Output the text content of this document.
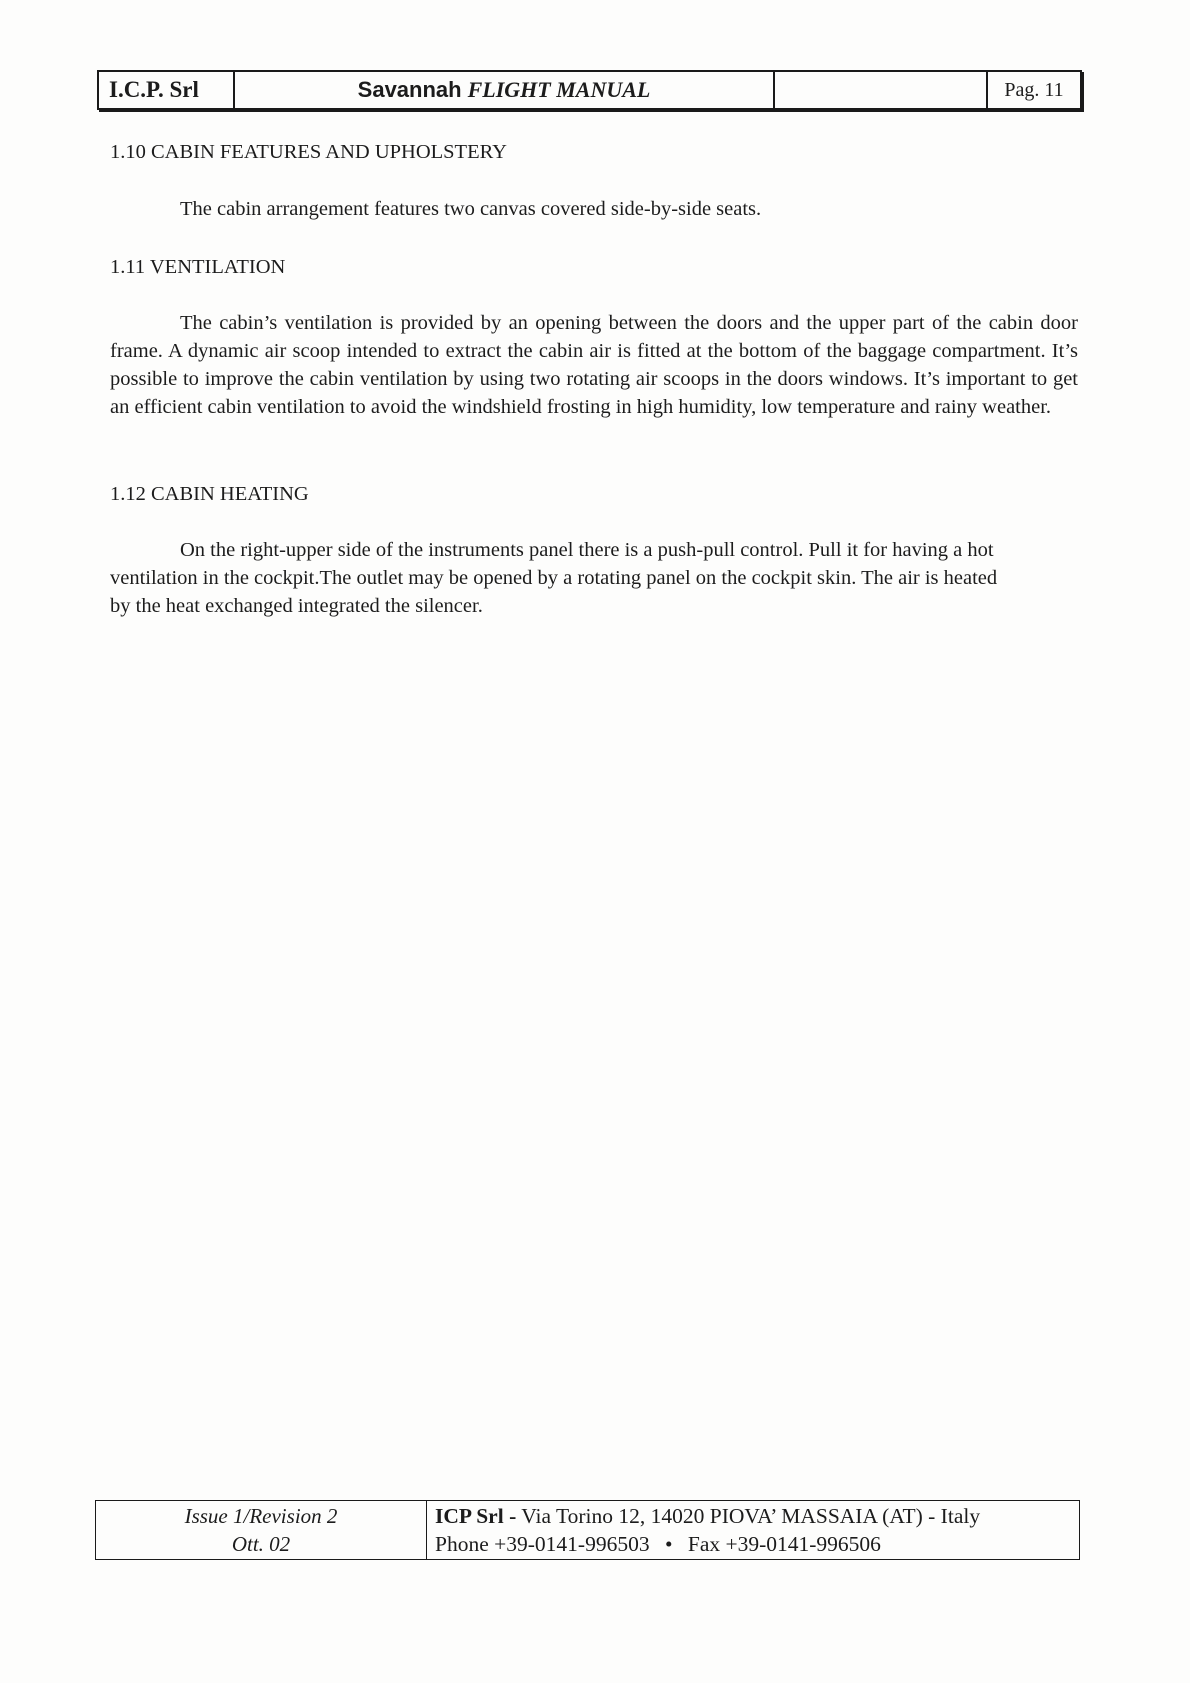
I.C.P. Srl	Savannah FLIGHT MANUAL	Pag. 11
1.10 CABIN FEATURES AND UPHOLSTERY

The cabin arrangement features two canvas covered side-by-side seats.

1.11 VENTILATION

The cabin’s ventilation is provided by an opening between the doors and the upper part of the cabin door frame. A dynamic air scoop intended to extract the cabin air is fitted at the bottom of the baggage compartment. It’s possible to improve the cabin ventilation by using two rotating air scoops in the doors windows. It’s important to get an efficient cabin ventilation to avoid the windshield frosting in high humidity, low temperature and rainy weather.

1.12 CABIN HEATING

On the right-upper side of the instruments panel there is a push-pull control. Pull it for having a hot ventilation in the cockpit.The outlet may be opened by a rotating panel on the cockpit skin. The air is heated by the heat exchanged integrated the silencer.

Issue 1/Revision 2
Ott. 02
ICP Srl - Via Torino 12, 14020 PIOVA’ MASSAIA (AT) - Italy
Phone +39-0141-996503 • Fax +39-0141-996506
